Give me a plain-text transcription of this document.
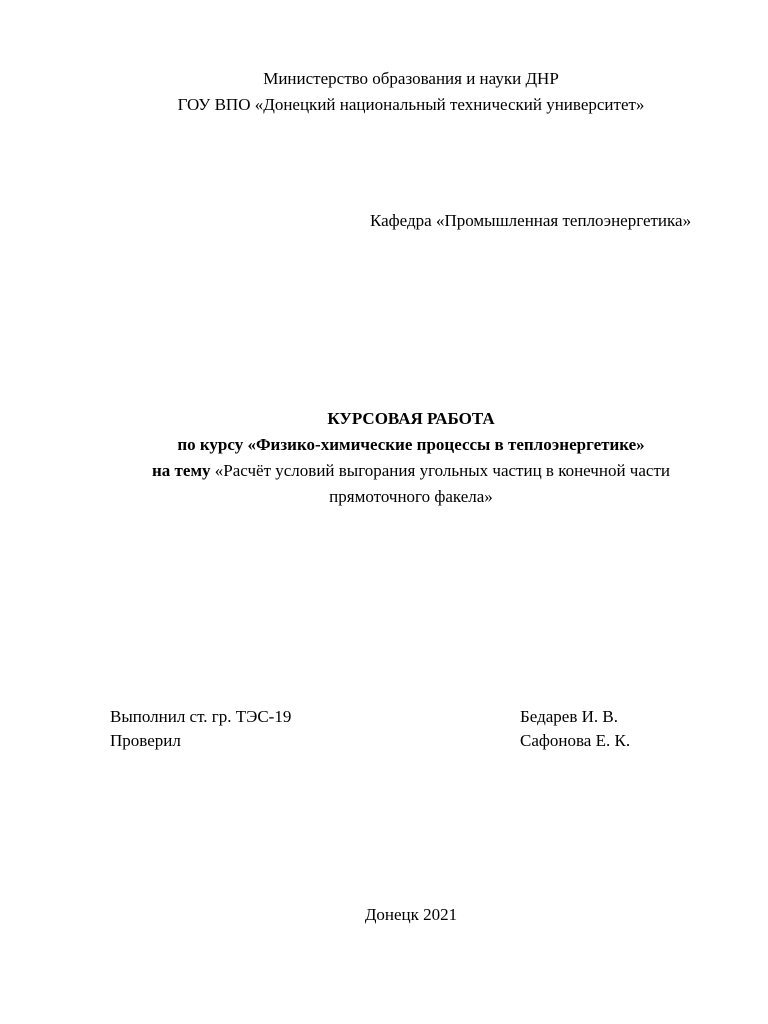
Министерство образования и науки ДНР
ГОУ ВПО «Донецкий национальный технический университет»
Кафедра «Промышленная теплоэнергетика»
КУРСОВАЯ РАБОТА
по курсу «Физико-химические процессы в теплоэнергетике»
на тему «Расчёт условий выгорания угольных частиц в конечной части
прямоточного факела»
Выполнил ст. гр. ТЭС-19	Бедарев И. В.
Проверил	Сафонова Е. К.
Донецк 2021
